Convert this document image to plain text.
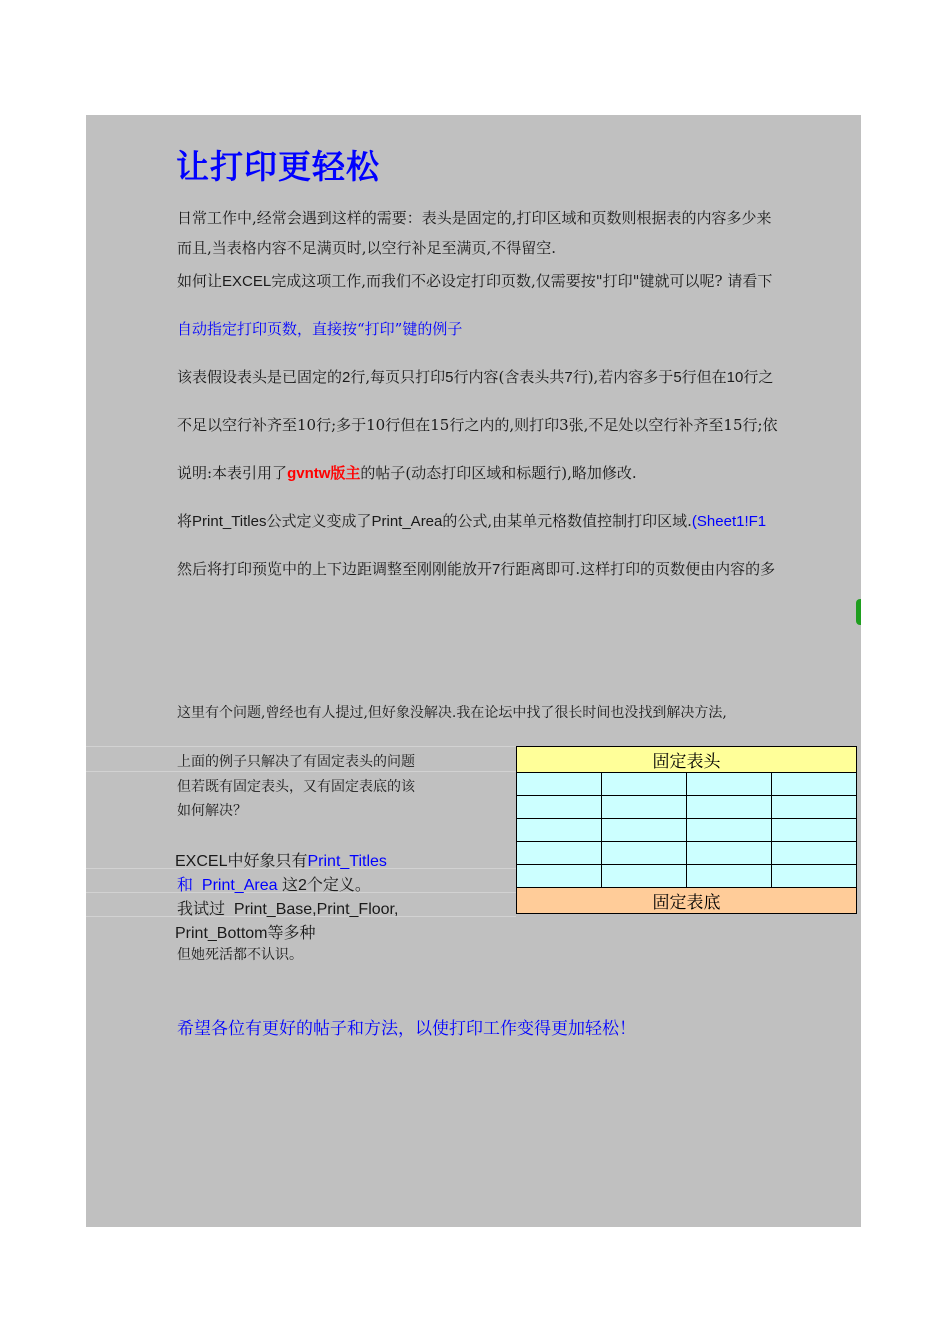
让打印更轻松
日常工作中,经常会遇到这样的需要：表头是固定的,打印区域和页数则根据表的内容多少来
而且,当表格内容不足满页时,以空行补足至满页,不得留空.
如何让EXCEL完成这项工作,而我们不必设定打印页数,仅需要按"打印"键就可以呢? 请看下
自动指定打印页数，直接按“打印”键的例子
该表假设表头是已固定的2行,每页只打印5行内容(含表头共7行),若内容多于5行但在10行之
不足以空行补齐至10行;多于10行但在15行之内的,则打印3张,不足处以空行补齐至15行;依
说明:本表引用了gvntw版主的帖子(动态打印区域和标题行),略加修改.
将Print_Titles公式定义变成了Print_Area的公式,由某单元格数值控制打印区域.(Sheet1!F1
然后将打印预览中的上下边距调整至刚刚能放开7行距离即可.这样打印的页数便由内容的多
这里有个问题,曾经也有人提过,但好象没解决.我在论坛中找了很长时间也没找到解决方法,
上面的例子只解决了有固定表头的问题
但若既有固定表头，又有固定表底的该
如何解决？
EXCEL中好象只有Print_Titles
和 Print_Area 这2个定义。
我试过 Print_Base,Print_Floor,
Print_Bottom等多种
但她死活都不认识。
固定表头			

固定表底			
希望各位有更好的帖子和方法，以使打印工作变得更加轻松！
